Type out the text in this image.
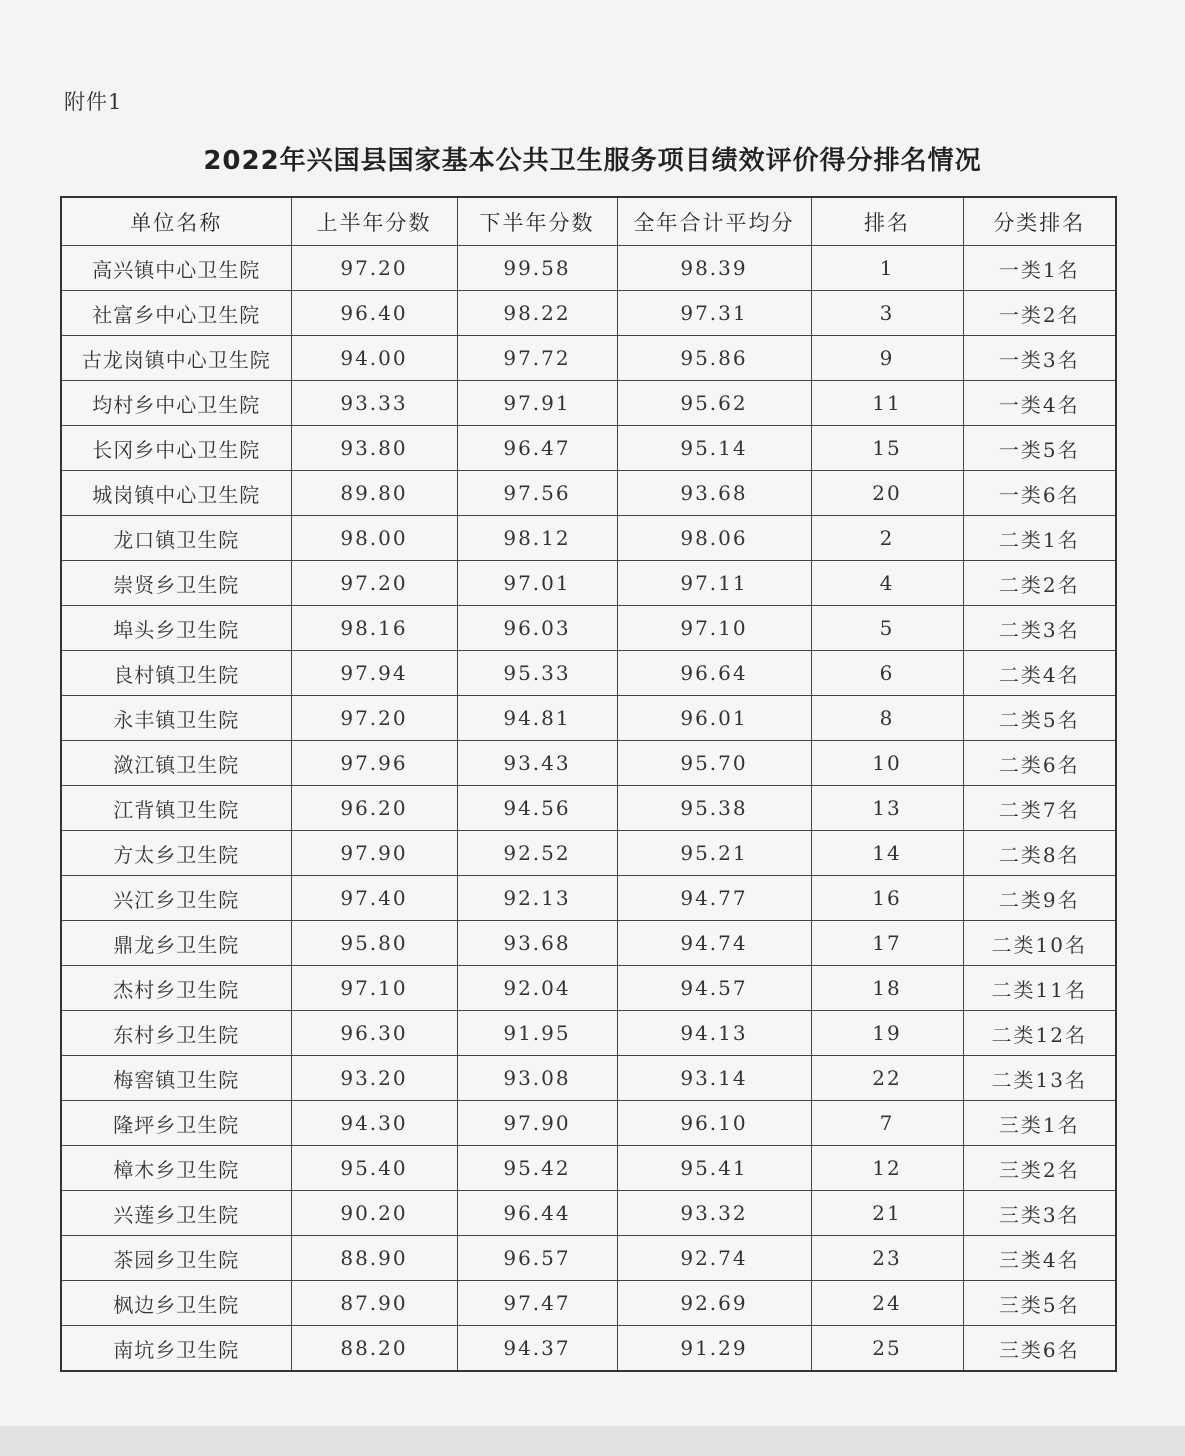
附件1
2022年兴国县国家基本公共卫生服务项目绩效评价得分排名情况
单位名称	上半年分数	下半年分数	全年合计平均分	排名	分类排名
高兴镇中心卫生院	97.20	99.58	98.39	1	一类1名
社富乡中心卫生院	96.40	98.22	97.31	3	一类2名
古龙岗镇中心卫生院	94.00	97.72	95.86	9	一类3名
均村乡中心卫生院	93.33	97.91	95.62	11	一类4名
长冈乡中心卫生院	93.80	96.47	95.14	15	一类5名
城岗镇中心卫生院	89.80	97.56	93.68	20	一类6名
龙口镇卫生院	98.00	98.12	98.06	2	二类1名
崇贤乡卫生院	97.20	97.01	97.11	4	二类2名
埠头乡卫生院	98.16	96.03	97.10	5	二类3名
良村镇卫生院	97.94	95.33	96.64	6	二类4名
永丰镇卫生院	97.20	94.81	96.01	8	二类5名
潋江镇卫生院	97.96	93.43	95.70	10	二类6名
江背镇卫生院	96.20	94.56	95.38	13	二类7名
方太乡卫生院	97.90	92.52	95.21	14	二类8名
兴江乡卫生院	97.40	92.13	94.77	16	二类9名
鼎龙乡卫生院	95.80	93.68	94.74	17	二类10名
杰村乡卫生院	97.10	92.04	94.57	18	二类11名
东村乡卫生院	96.30	91.95	94.13	19	二类12名
梅窖镇卫生院	93.20	93.08	93.14	22	二类13名
隆坪乡卫生院	94.30	97.90	96.10	7	三类1名
樟木乡卫生院	95.40	95.42	95.41	12	三类2名
兴莲乡卫生院	90.20	96.44	93.32	21	三类3名
茶园乡卫生院	88.90	96.57	92.74	23	三类4名
枫边乡卫生院	87.90	97.47	92.69	24	三类5名
南坑乡卫生院	88.20	94.37	91.29	25	三类6名
